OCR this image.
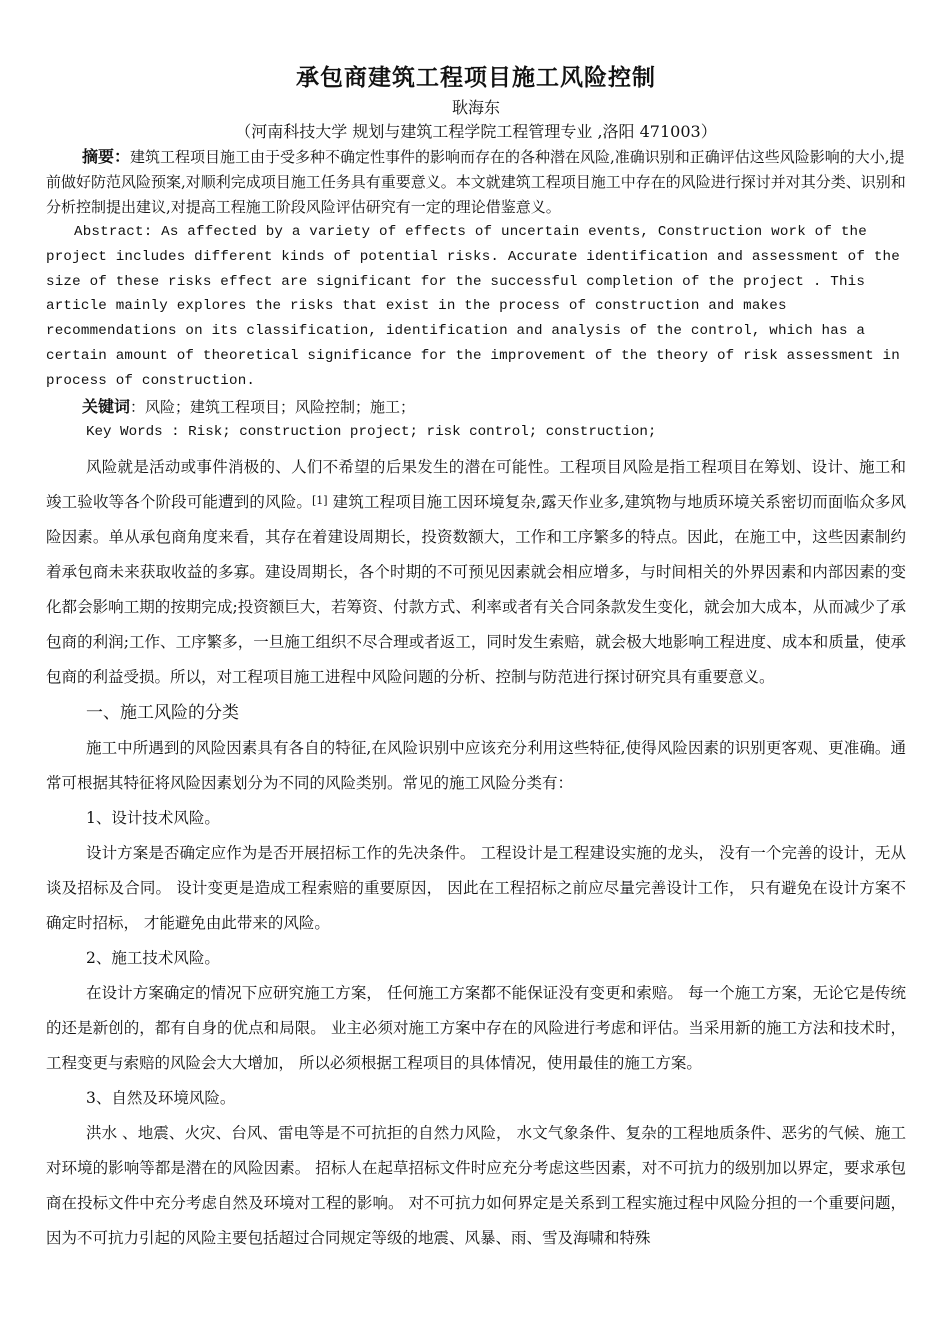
承包商建筑工程项目施工风险控制

耿海东

（河南科技大学 规划与建筑工程学院工程管理专业 ,洛阳 471003）

摘要：建筑工程项目施工由于受多种不确定性事件的影响而存在的各种潜在风险,准确识别和正确评估这些风险影响的大小,提前做好防范风险预案,对顺利完成项目施工任务具有重要意义。本文就建筑工程项目施工中存在的风险进行探讨并对其分类、识别和分析控制提出建议,对提高工程施工阶段风险评估研究有一定的理论借鉴意义。

Abstract: As affected by a variety of effects of uncertain events, Construction work of the project includes different kinds of potential risks. Accurate identification and assessment of the size of these risks effect are significant for the successful completion of the project . This article mainly explores the risks that exist in the process of construction and makes recommendations on its classification, identification and analysis of the control, which has a certain amount of theoretical significance for the improvement of the theory of risk assessment in process of construction.

关键词：风险；建筑工程项目；风险控制；施工；

Key Words : Risk; construction project; risk control; construction;

风险就是活动或事件消极的、人们不希望的后果发生的潜在可能性。工程项目风险是指工程项目在筹划、设计、施工和竣工验收等各个阶段可能遭到的风险。[1] 建筑工程项目施工因环境复杂,露天作业多,建筑物与地质环境关系密切而面临众多风险因素。单从承包商角度来看，其存在着建设周期长，投资数额大，工作和工序繁多的特点。因此，在施工中，这些因素制约着承包商未来获取收益的多寡。建设周期长，各个时期的不可预见因素就会相应增多，与时间相关的外界因素和内部因素的变化都会影响工期的按期完成;投资额巨大，若筹资、付款方式、利率或者有关合同条款发生变化，就会加大成本，从而减少了承包商的利润;工作、工序繁多，一旦施工组织不尽合理或者返工，同时发生索赔，就会极大地影响工程进度、成本和质量，使承包商的利益受损。所以，对工程项目施工进程中风险问题的分析、控制与防范进行探讨研究具有重要意义。

一、施工风险的分类

施工中所遇到的风险因素具有各自的特征,在风险识别中应该充分利用这些特征,使得风险因素的识别更客观、更准确。通常可根据其特征将风险因素划分为不同的风险类别。常见的施工风险分类有：

1、设计技术风险。

设计方案是否确定应作为是否开展招标工作的先决条件。 工程设计是工程建设实施的龙头， 没有一个完善的设计，无从谈及招标及合同。 设计变更是造成工程索赔的重要原因， 因此在工程招标之前应尽量完善设计工作， 只有避免在设计方案不确定时招标， 才能避免由此带来的风险。

2、施工技术风险。

在设计方案确定的情况下应研究施工方案， 任何施工方案都不能保证没有变更和索赔。 每一个施工方案，无论它是传统的还是新创的，都有自身的优点和局限。 业主必须对施工方案中存在的风险进行考虑和评估。当采用新的施工方法和技术时， 工程变更与索赔的风险会大大增加， 所以必须根据工程项目的具体情况，使用最佳的施工方案。

3、自然及环境风险。

洪水 、地震、火灾、台风、雷电等是不可抗拒的自然力风险， 水文气象条件、复杂的工程地质条件、恶劣的气候、施工对环境的影响等都是潜在的风险因素。 招标人在起草招标文件时应充分考虑这些因素，对不可抗力的级别加以界定，要求承包商在投标文件中充分考虑自然及环境对工程的影响。 对不可抗力如何界定是关系到工程实施过程中风险分担的一个重要问题，因为不可抗力引起的风险主要包括超过合同规定等级的地震、风暴、雨、雪及海啸和特殊
